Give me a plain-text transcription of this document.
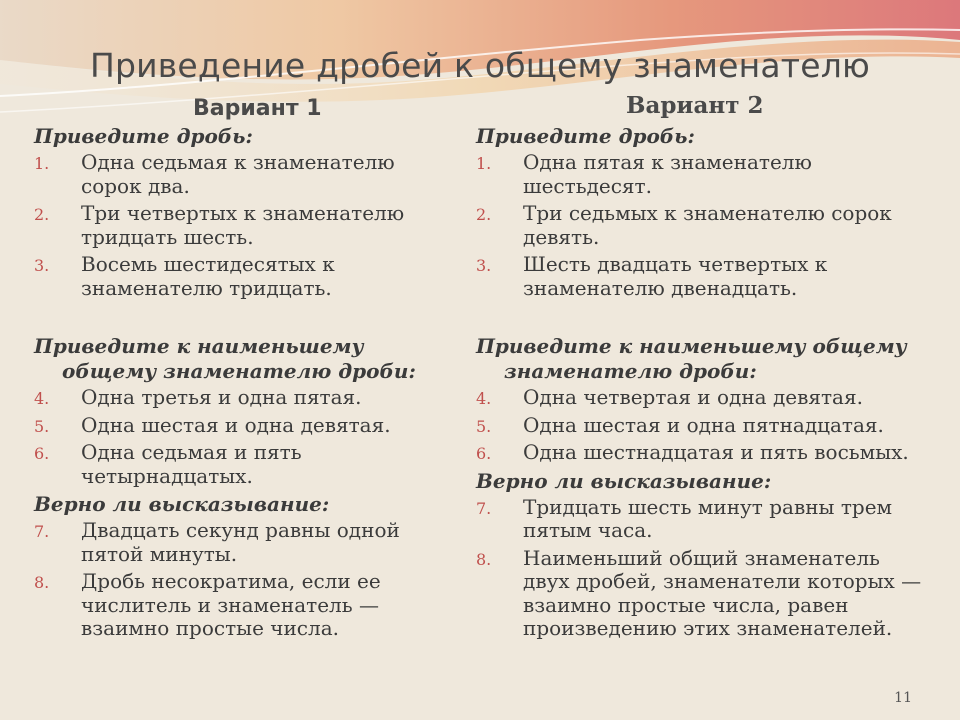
Приведение дробей к общему знаменателю
Вариант 1	Вариант 2

Приведите дробь:

1. Одна седьмая к знаменателю сорок два.
2. Три четвертых к знаменателю тридцать шесть.
3. Восемь шестидесятых к знаменателю тридцать.

Приведите к наименьшему
общему знаменателю дроби:

4. Одна третья и одна пятая.
5. Одна шестая и одна девятая.
6. Одна седьмая и пять четырнадцатых.

Верно ли высказывание:

7. Двадцать секунд равны одной пятой минуты.
8. Дробь несократима, если ее числитель и знаменатель — взаимно простые числа.

Приведите дробь:

1. Одна пятая к знаменателю шестьдесят.
2. Три седьмых к знаменателю сорок девять.
3. Шесть двадцать четвертых к знаменателю двенадцать.

Приведите к наименьшему общему
знаменателю дроби:

4. Одна четвертая и одна девятая.
5. Одна шестая и одна пятнадцатая.
6. Одна шестнадцатая и пять восьмых.

Верно ли высказывание:

7. Тридцать шесть минут равны трем пятым часа.
8. Наименьший общий знаменатель двух дробей, знаменатели которых — взаимно простые числа, равен произведению этих знаменателей.
11
